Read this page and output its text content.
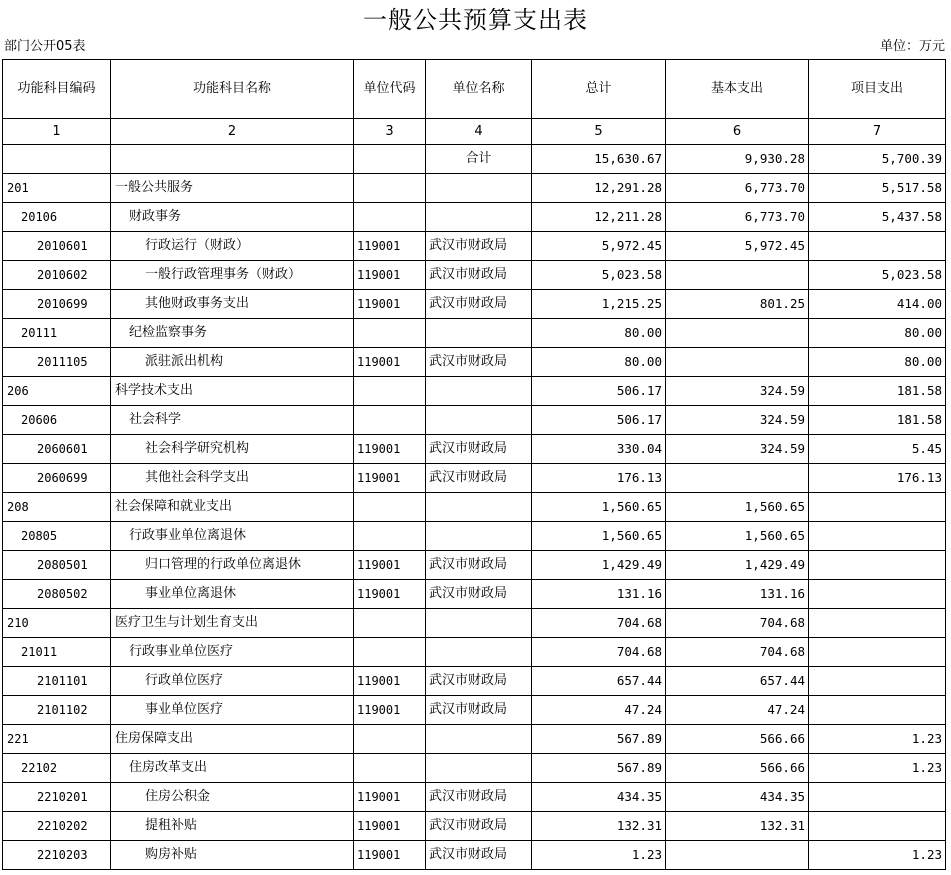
一般公共预算支出表
部门公开05表	单位：万元
功能科目编码	功能科目名称	单位代码	单位名称	总计	基本支出	项目支出
1	2	3	4	5	6	7
			合计	15,630.67	9,930.28	5,700.39
201	一般公共服务			12,291.28	6,773.70	5,517.58
20106	财政事务			12,211.28	6,773.70	5,437.58
2010601	行政运行（财政）	119001	武汉市财政局	5,972.45	5,972.45	
2010602	一般行政管理事务（财政）	119001	武汉市财政局	5,023.58		5,023.58
2010699	其他财政事务支出	119001	武汉市财政局	1,215.25	801.25	414.00
20111	纪检监察事务			80.00		80.00
2011105	派驻派出机构	119001	武汉市财政局	80.00		80.00
206	科学技术支出			506.17	324.59	181.58
20606	社会科学			506.17	324.59	181.58
2060601	社会科学研究机构	119001	武汉市财政局	330.04	324.59	5.45
2060699	其他社会科学支出	119001	武汉市财政局	176.13		176.13
208	社会保障和就业支出			1,560.65	1,560.65	
20805	行政事业单位离退休			1,560.65	1,560.65	
2080501	归口管理的行政单位离退休	119001	武汉市财政局	1,429.49	1,429.49	
2080502	事业单位离退休	119001	武汉市财政局	131.16	131.16	
210	医疗卫生与计划生育支出			704.68	704.68	
21011	行政事业单位医疗			704.68	704.68	
2101101	行政单位医疗	119001	武汉市财政局	657.44	657.44	
2101102	事业单位医疗	119001	武汉市财政局	47.24	47.24	
221	住房保障支出			567.89	566.66	1.23
22102	住房改革支出			567.89	566.66	1.23
2210201	住房公积金	119001	武汉市财政局	434.35	434.35	
2210202	提租补贴	119001	武汉市财政局	132.31	132.31	
2210203	购房补贴	119001	武汉市财政局	1.23		1.23
